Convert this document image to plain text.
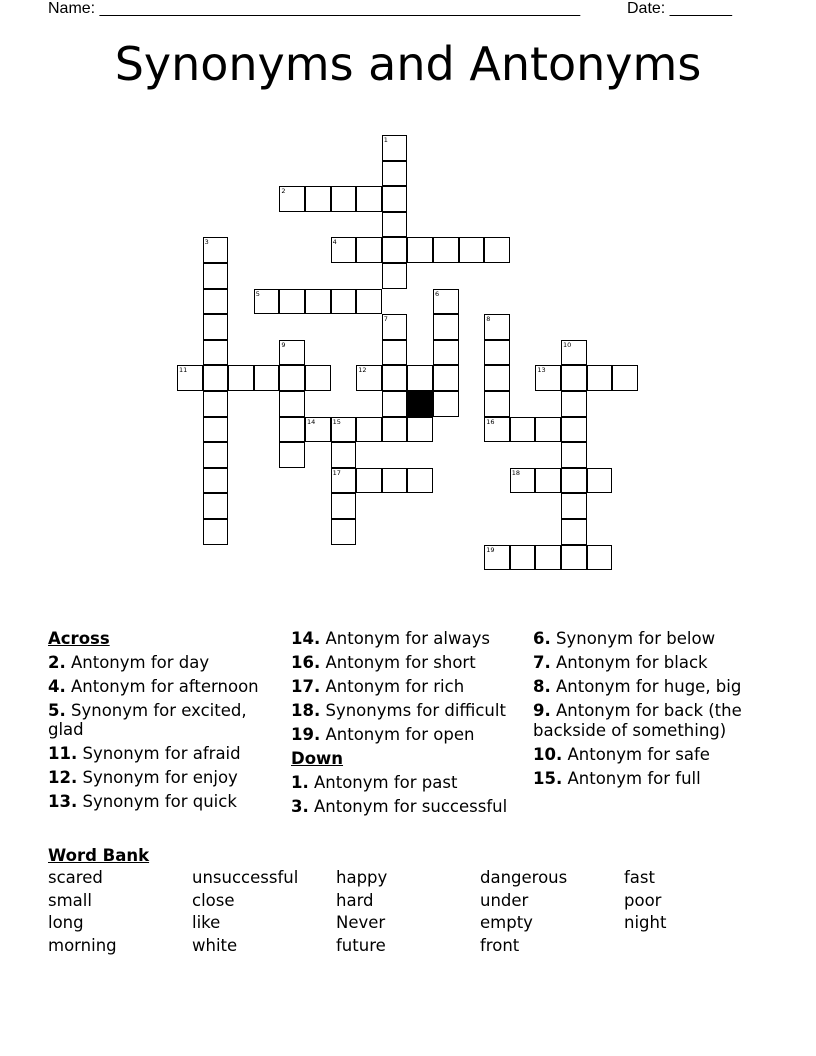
Name: ______________________________________________________	Date: _______
Synonyms and Antonyms
1
2
3	4
5	6
7	8
16
9	10
11	12	13
14	15
17	18
19
Across
2. Antonym for day
4. Antonym for afternoon
5. Synonym for excited, glad
11. Synonym for afraid
12. Synonym for enjoy
13. Synonym for quick
14. Antonym for always
16. Antonym for short
17. Antonym for rich
18. Synonyms for difficult
19. Antonym for open
Down
1. Antonym for past
3. Antonym for successful
6. Synonym for below
7. Antonym for black
8. Antonym for huge, big
9. Antonym for back (the backside of something)
10. Antonym for safe
15. Antonym for full
Word Bank
scared	unsuccessful	happy	dangerous	fast
small	close	hard	under	poor
long	like	Never	empty	night
morning	white	future	front
